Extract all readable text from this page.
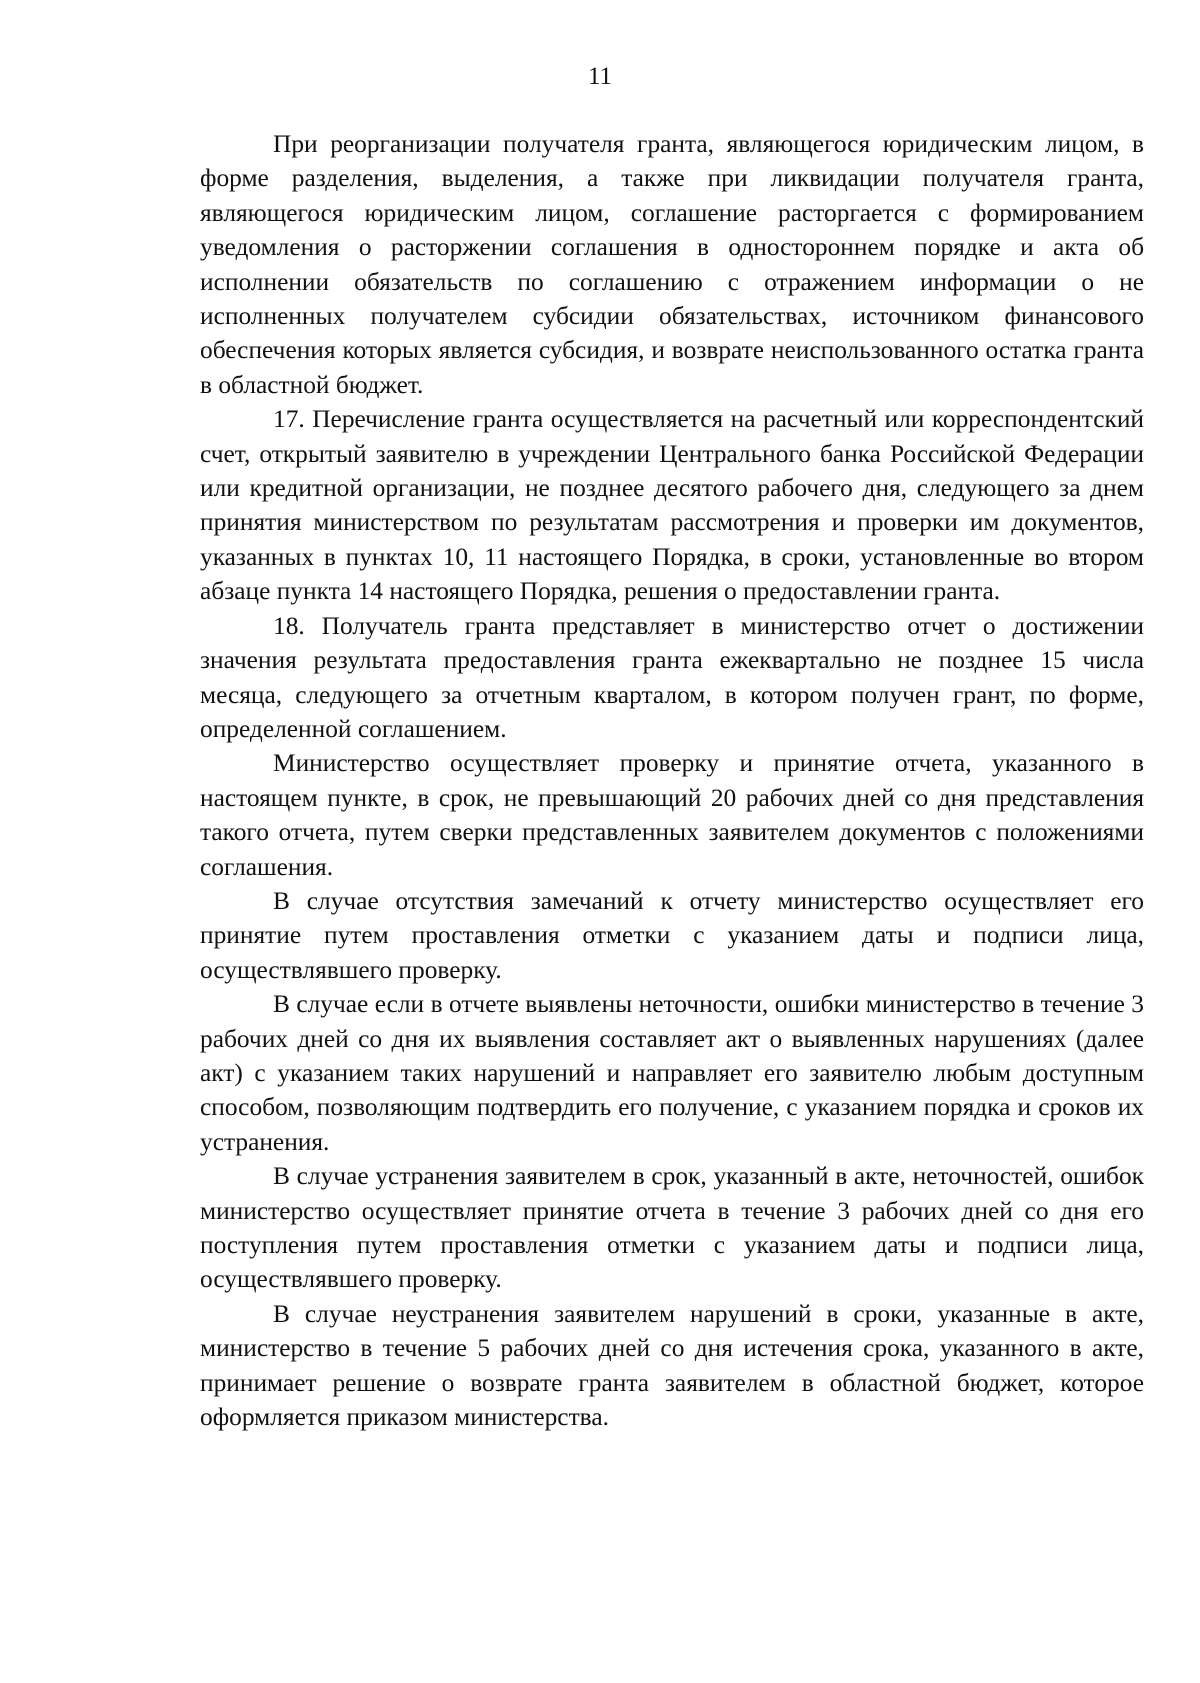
11

При реорганизации получателя гранта, являющегося юридическим лицом, в форме разделения, выделения, а также при ликвидации получателя гранта, являющегося юридическим лицом, соглашение расторгается с формированием уведомления о расторжении соглашения в одностороннем порядке и акта об исполнении обязательств по соглашению с отражением информации о не исполненных получателем субсидии обязательствах, источником финансового обеспечения которых является субсидия, и возврате неиспользованного остатка гранта в областной бюджет.

17. Перечисление гранта осуществляется на расчетный или корреспондентский счет, открытый заявителю в учреждении Центрального банка Российской Федерации или кредитной организации, не позднее десятого рабочего дня, следующего за днем принятия министерством по результатам рассмотрения и проверки им документов, указанных в пунктах 10, 11 настоящего Порядка, в сроки, установленные во втором абзаце пункта 14 настоящего Порядка, решения о предоставлении гранта.

18. Получатель гранта представляет в министерство отчет о достижении значения результата предоставления гранта ежеквартально не позднее 15 числа месяца, следующего за отчетным кварталом, в котором получен грант, по форме, определенной соглашением.

Министерство осуществляет проверку и принятие отчета, указанного в настоящем пункте, в срок, не превышающий 20 рабочих дней со дня представления такого отчета, путем сверки представленных заявителем документов с положениями соглашения.

В случае отсутствия замечаний к отчету министерство осуществляет его принятие путем проставления отметки с указанием даты и подписи лица, осуществлявшего проверку.

В случае если в отчете выявлены неточности, ошибки министерство в течение 3 рабочих дней со дня их выявления составляет акт о выявленных нарушениях (далее акт) с указанием таких нарушений и направляет его заявителю любым доступным способом, позволяющим подтвердить его получение, с указанием порядка и сроков их устранения.

В случае устранения заявителем в срок, указанный в акте, неточностей, ошибок министерство осуществляет принятие отчета в течение 3 рабочих дней со дня его поступления путем проставления отметки с указанием даты и подписи лица, осуществлявшего проверку.

В случае неустранения заявителем нарушений в сроки, указанные в акте, министерство в течение 5 рабочих дней со дня истечения срока, указанного в акте, принимает решение о возврате гранта заявителем в областной бюджет, которое оформляется приказом министерства.
